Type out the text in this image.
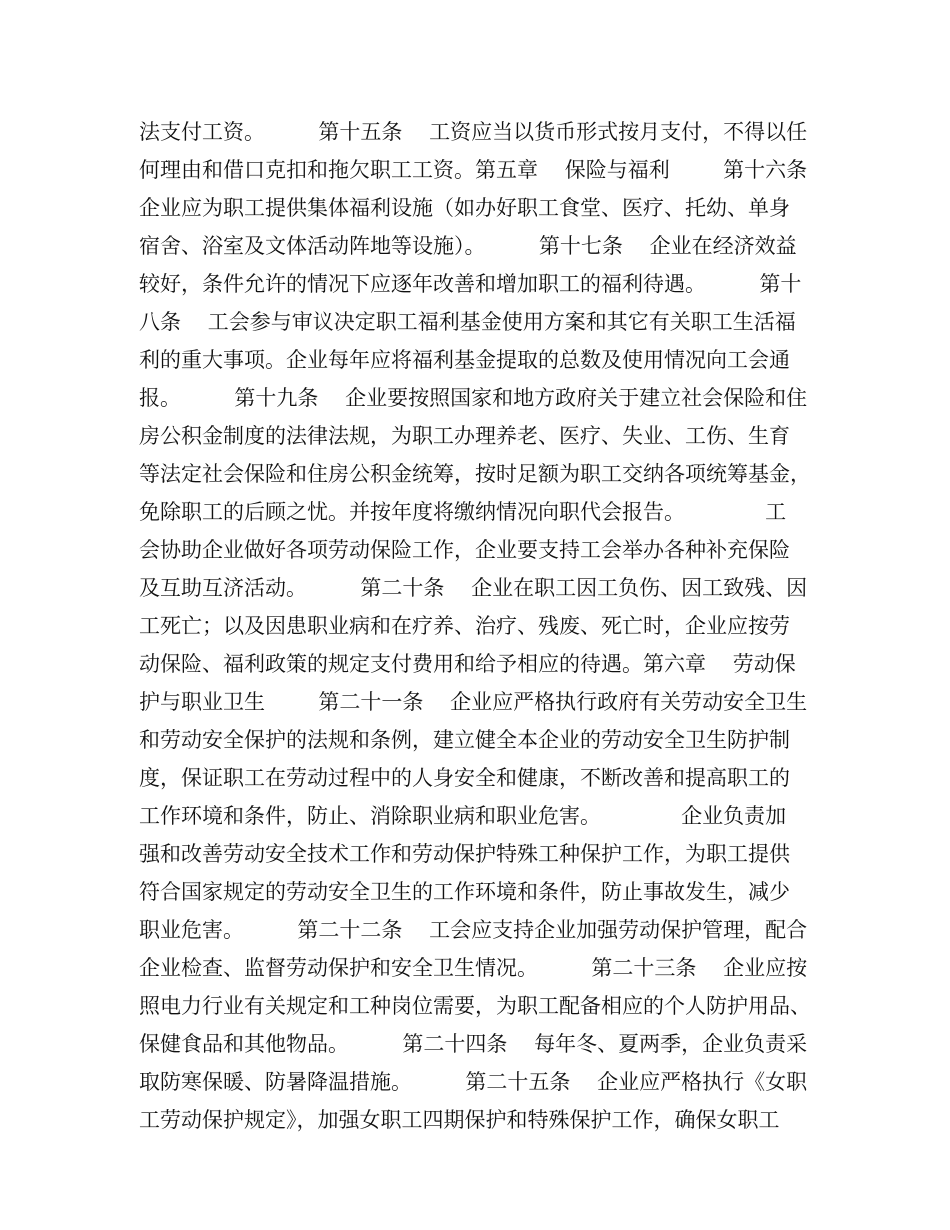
法支付工资。        第十五条    工资应当以货币形式按月支付，不得以任
何理由和借口克扣和拖欠职工工资。第五章    保险与福利        第十六条
企业应为职工提供集体福利设施（如办好职工食堂、医疗、托幼、单身
宿舍、浴室及文体活动阵地等设施）。        第十七条    企业在经济效益
较好，条件允许的情况下应逐年改善和增加职工的福利待遇。        第十
八条    工会参与审议决定职工福利基金使用方案和其它有关职工生活福
利的重大事项。企业每年应将福利基金提取的总数及使用情况向工会通
报。        第十九条    企业要按照国家和地方政府关于建立社会保险和住
房公积金制度的法律法规，为职工办理养老、医疗、失业、工伤、生育
等法定社会保险和住房公积金统筹，按时足额为职工交纳各项统筹基金，
免除职工的后顾之忧。并按年度将缴纳情况向职代会报告。            工
会协助企业做好各项劳动保险工作，企业要支持工会举办各种补充保险
及互助互济活动。        第二十条    企业在职工因工负伤、因工致残、因
工死亡；以及因患职业病和在疗养、治疗、残废、死亡时，企业应按劳
动保险、福利政策的规定支付费用和给予相应的待遇。第六章    劳动保
护与职业卫生        第二十一条    企业应严格执行政府有关劳动安全卫生
和劳动安全保护的法规和条例，建立健全本企业的劳动安全卫生防护制
度，保证职工在劳动过程中的人身安全和健康，不断改善和提高职工的
工作环境和条件，防止、消除职业病和职业危害。            企业负责加
强和改善劳动安全技术工作和劳动保护特殊工种保护工作，为职工提供
符合国家规定的劳动安全卫生的工作环境和条件，防止事故发生，减少
职业危害。        第二十二条    工会应支持企业加强劳动保护管理，配合
企业检查、监督劳动保护和安全卫生情况。        第二十三条    企业应按
照电力行业有关规定和工种岗位需要，为职工配备相应的个人防护用品、
保健食品和其他物品。        第二十四条    每年冬、夏两季，企业负责采
取防寒保暖、防暑降温措施。        第二十五条    企业应严格执行《女职
工劳动保护规定》，加强女职工四期保护和特殊保护工作，确保女职工
